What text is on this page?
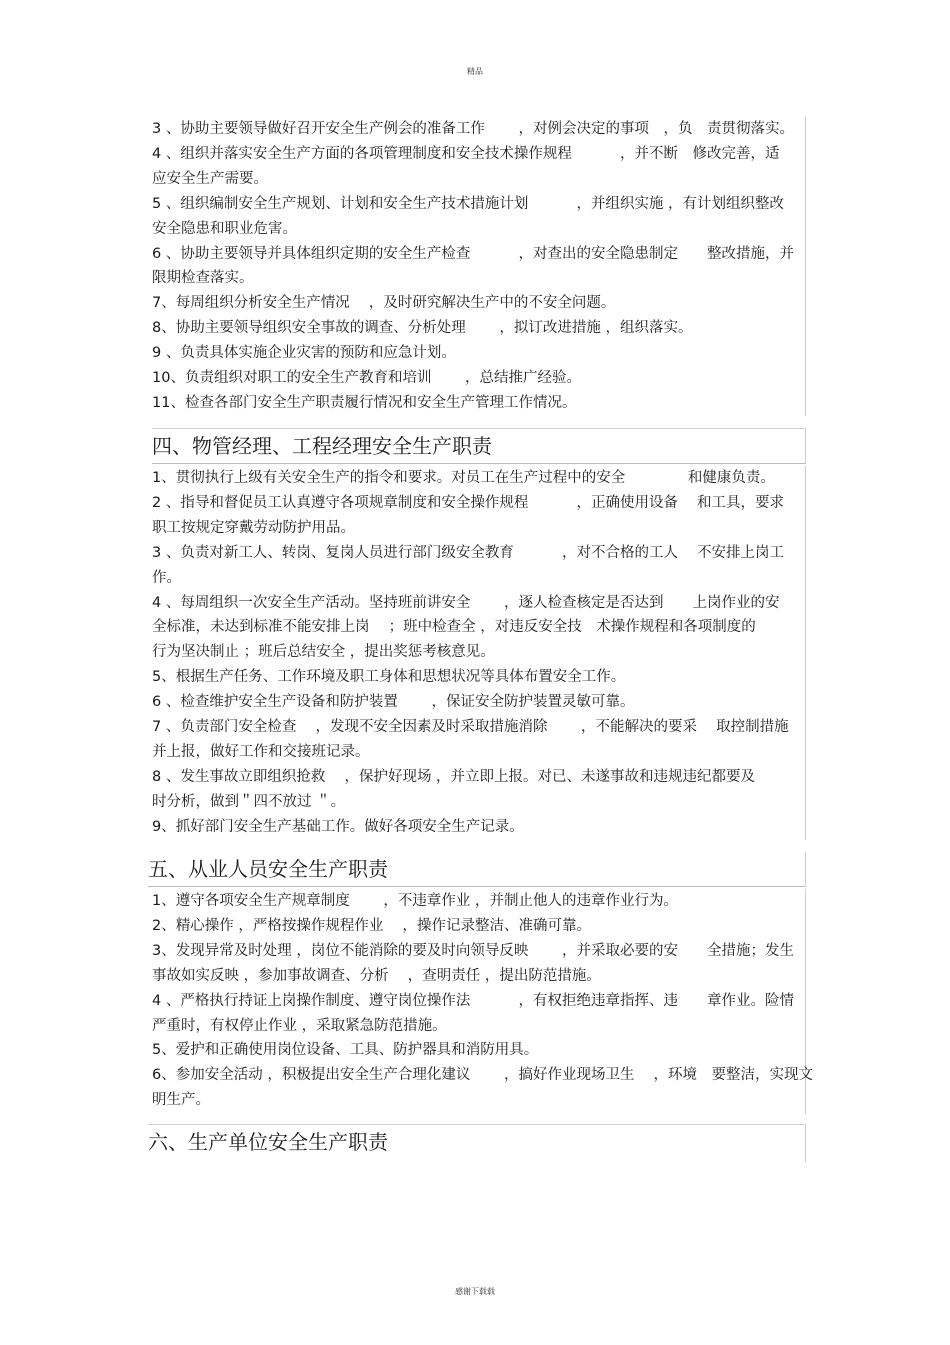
精品
3 、协助主要领导做好召开安全生产例会的准备工作　　 ，对例会决定的事项　，负　责贯彻落实。
4 、组织并落实安全生产方面的各项管理制度和安全技术操作规程　　　 ，并不断　修改完善，适
应安全生产需要。
5 、组织编制安全生产规划、计划和安全生产技术措施计划　　　 ，并组织实施 ，有计划组织整改
安全隐患和职业危害。
6 、协助主要领导并具体组织定期的安全生产检查　　　 ，对查出的安全隐患制定　　整改措施，并
限期检查落实。
7、每周组织分析安全生产情况　 ，及时研究解决生产中的不安全问题。
8、协助主要领导组织安全事故的调查、分析处理　　 ，拟订改进措施 ，组织落实。
9 、负责具体实施企业灾害的预防和应急计划。
10、负责组织对职工的安全生产教育和培训　　 ，总结推广经验。
11、检查各部门安全生产职责履行情况和安全生产管理工作情况。
四、物管经理、工程经理安全生产职责
1、贯彻执行上级有关安全生产的指令和要求。对员工在生产过程中的安全　　　　 和健康负责。
2 、指导和督促员工认真遵守各项规章制度和安全操作规程　　　 ，正确使用设备　 和工具，要求
职工按规定穿戴劳动防护用品。
3 、负责对新工人、转岗、复岗人员进行部门级安全教育　　　 ，对不合格的工人　 不安排上岗工
作。
4 、每周组织一次安全生产活动。坚持班前讲安全　　 ，逐人检查核定是否达到　　上岗作业的安
全标准，未达到标准不能安排上岗　 ；班中检查全 ，对违反安全技　术操作规程和各项制度的
行为坚决制止 ；班后总结安全 ，提出奖惩考核意见。
5、根据生产任务、工作环境及职工身体和思想状况等具体布置安全工作。
6 、检查维护安全生产设备和防护装置　　 ，保证安全防护装置灵敏可靠。
7 、负责部门安全检查　 ，发现不安全因素及时采取措施消除　　 ，不能解决的要采　 取控制措施
并上报，做好工作和交接班记录。
8 、发生事故立即组织抢救　 ，保护好现场 ，并立即上报。对已、未遂事故和违规违纪都要及
时分析，做到＂四不放过 ＂。
9、抓好部门安全生产基础工作。做好各项安全生产记录。
五、从业人员安全生产职责
1、遵守各项安全生产规章制度　　 ，不违章作业 ，并制止他人的违章作业行为。
2、精心操作 ，严格按操作规程作业　 ，操作记录整洁、准确可靠。
3、发现异常及时处理 ，岗位不能消除的要及时向领导反映　　 ，并采取必要的安　　全措施；发生
事故如实反映 ，参加事故调查、分析　 ，查明责任 ，提出防范措施。
4 、严格执行持证上岗操作制度、遵守岗位操作法　　　 ，有权拒绝违章指挥、违　　章作业。险情
严重时，有权停止作业 ，采取紧急防范措施。
5、爱护和正确使用岗位设备、工具、防护器具和消防用具。
6、参加安全活动 ，积极提出安全生产合理化建议　　 ，搞好作业现场卫生　 ，环境　要整洁，实现文
明生产。
六、生产单位安全生产职责
感谢下载载
